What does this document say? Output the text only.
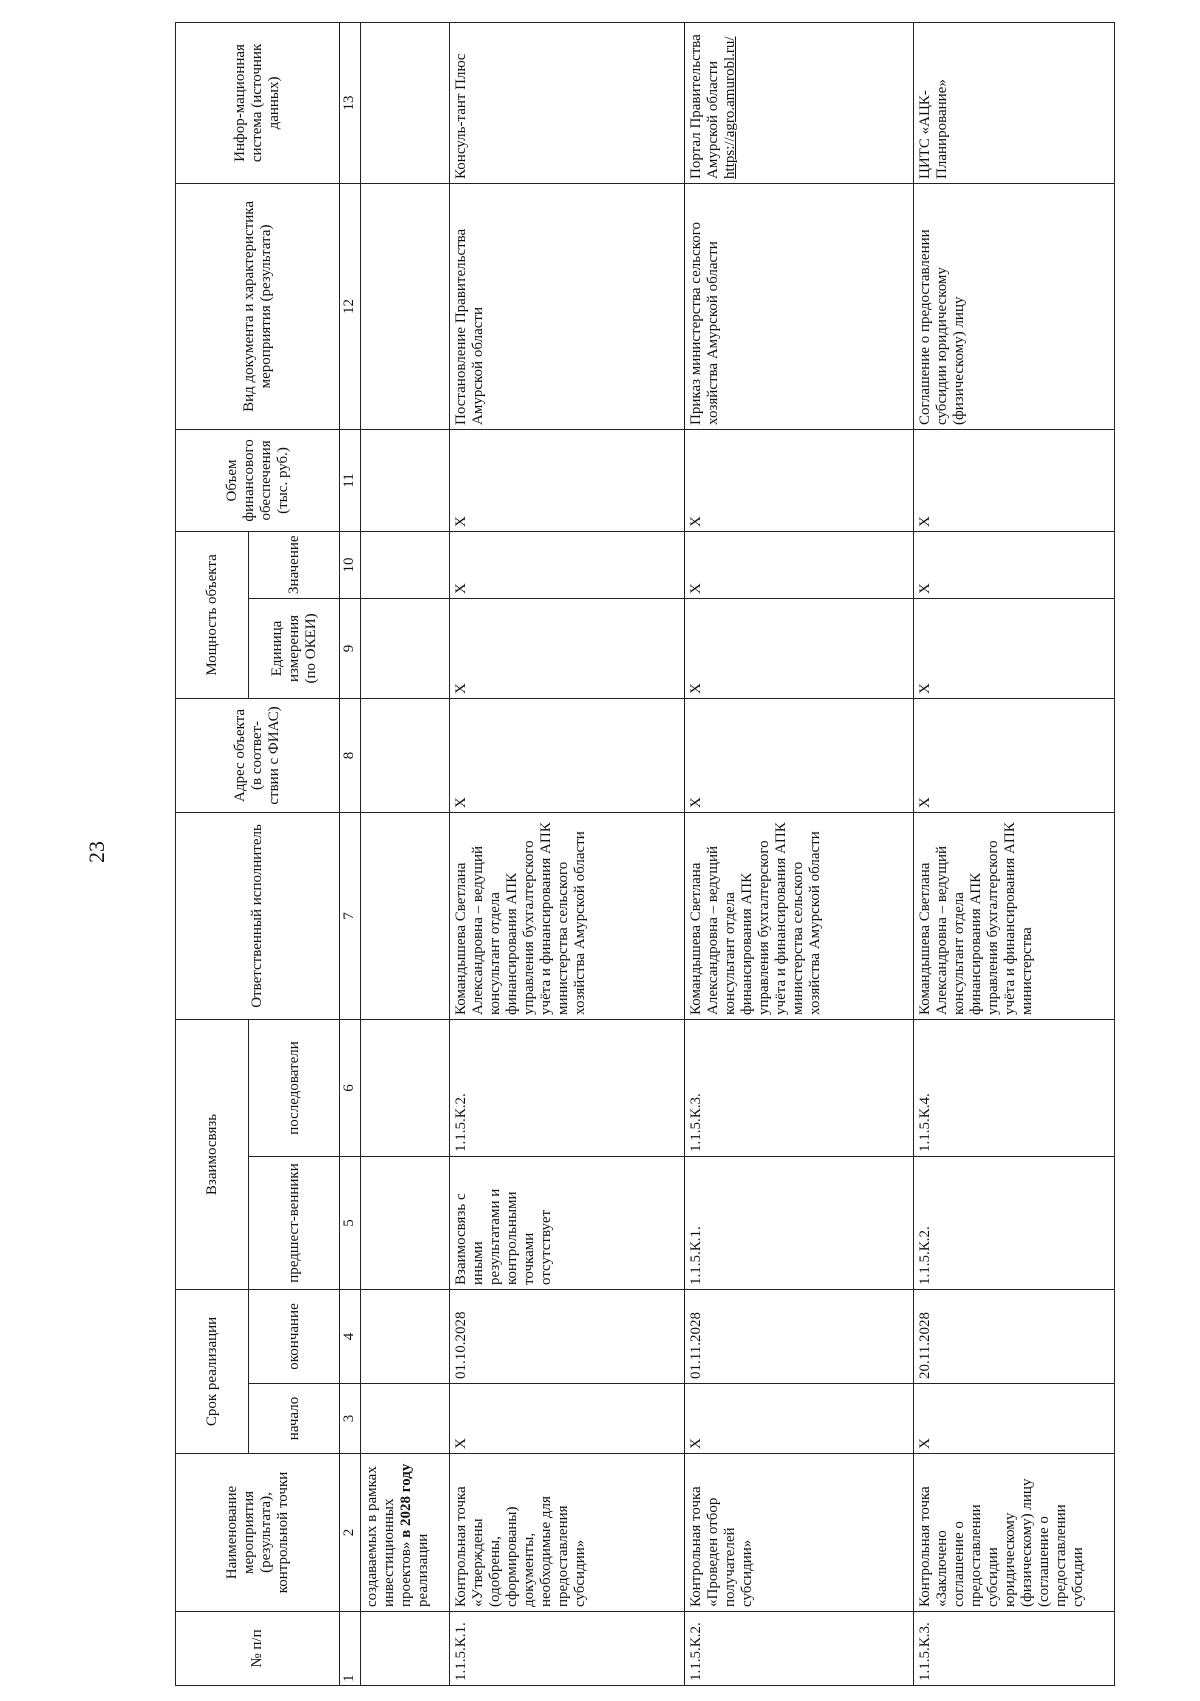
23
№ п/п	Наименование мероприятия (результата), контрольной точки	Срок реализации		Взаимосвязь		Ответственный исполнитель	Адрес объекта (в соответ-ствии с ФИАС)	Мощность объекта		Объем финансового обеспечения (тыс. руб.)	Вид документа и характеристика мероприятия (результата)	Инфор-мационная система (источник данных)
		начало	окончание	предшест-венники	последователи			Единица измерения (по ОКЕИ)	Значение			
1	2	3	4	5	6	7	8	9	10	11	12	13
	создаваемых в рамках инвестиционных проектов» в 2028 году реализации											
1.1.5.К.1.	Контрольная точка «Утверждены (одобрены, сформированы) документы, необходимые для предоставления субсидии»	X	01.10.2028	Взаимосвязь с иными результатами и контрольными точками отсутствует	1.1.5.К.2.	Командышева Светлана Александровна – ведущий консультант отдела финансирования АПК управления бухгалтерского учёта и финансирования АПК министерства сельского хозяйства Амурской области	X	X	X	X	Постановление Правительства Амурской области	Консуль-тант Плюс
1.1.5.К.2.	Контрольная точка «Проведен отбор получателей субсидии»	X	01.11.2028	1.1.5.К.1.	1.1.5.К.3.	Командышева Светлана Александровна – ведущий консультант отдела финансирования АПК управления бухгалтерского учёта и финансирования АПК министерства сельского хозяйства Амурской области	X	X	X	X	Приказ министерства сельского хозяйства Амурской области	Портал Правительства Амурской области https://agro.amurobl.ru/
1.1.5.К.3.	Контрольная точка «Заключено соглашение о предоставлении субсидии юридическому (физическому) лицу (соглашение о предоставлении субсидии	X	20.11.2028	1.1.5.К.2.	1.1.5.К.4.	Командышева Светлана Александровна – ведущий консультант отдела финансирования АПК управления бухгалтерского учёта и финансирования АПК министерства	X	X	X	X	Соглашение о предоставлении субсидии юридическому (физическому) лицу	ЦИТС «АЦК-Планирование»
